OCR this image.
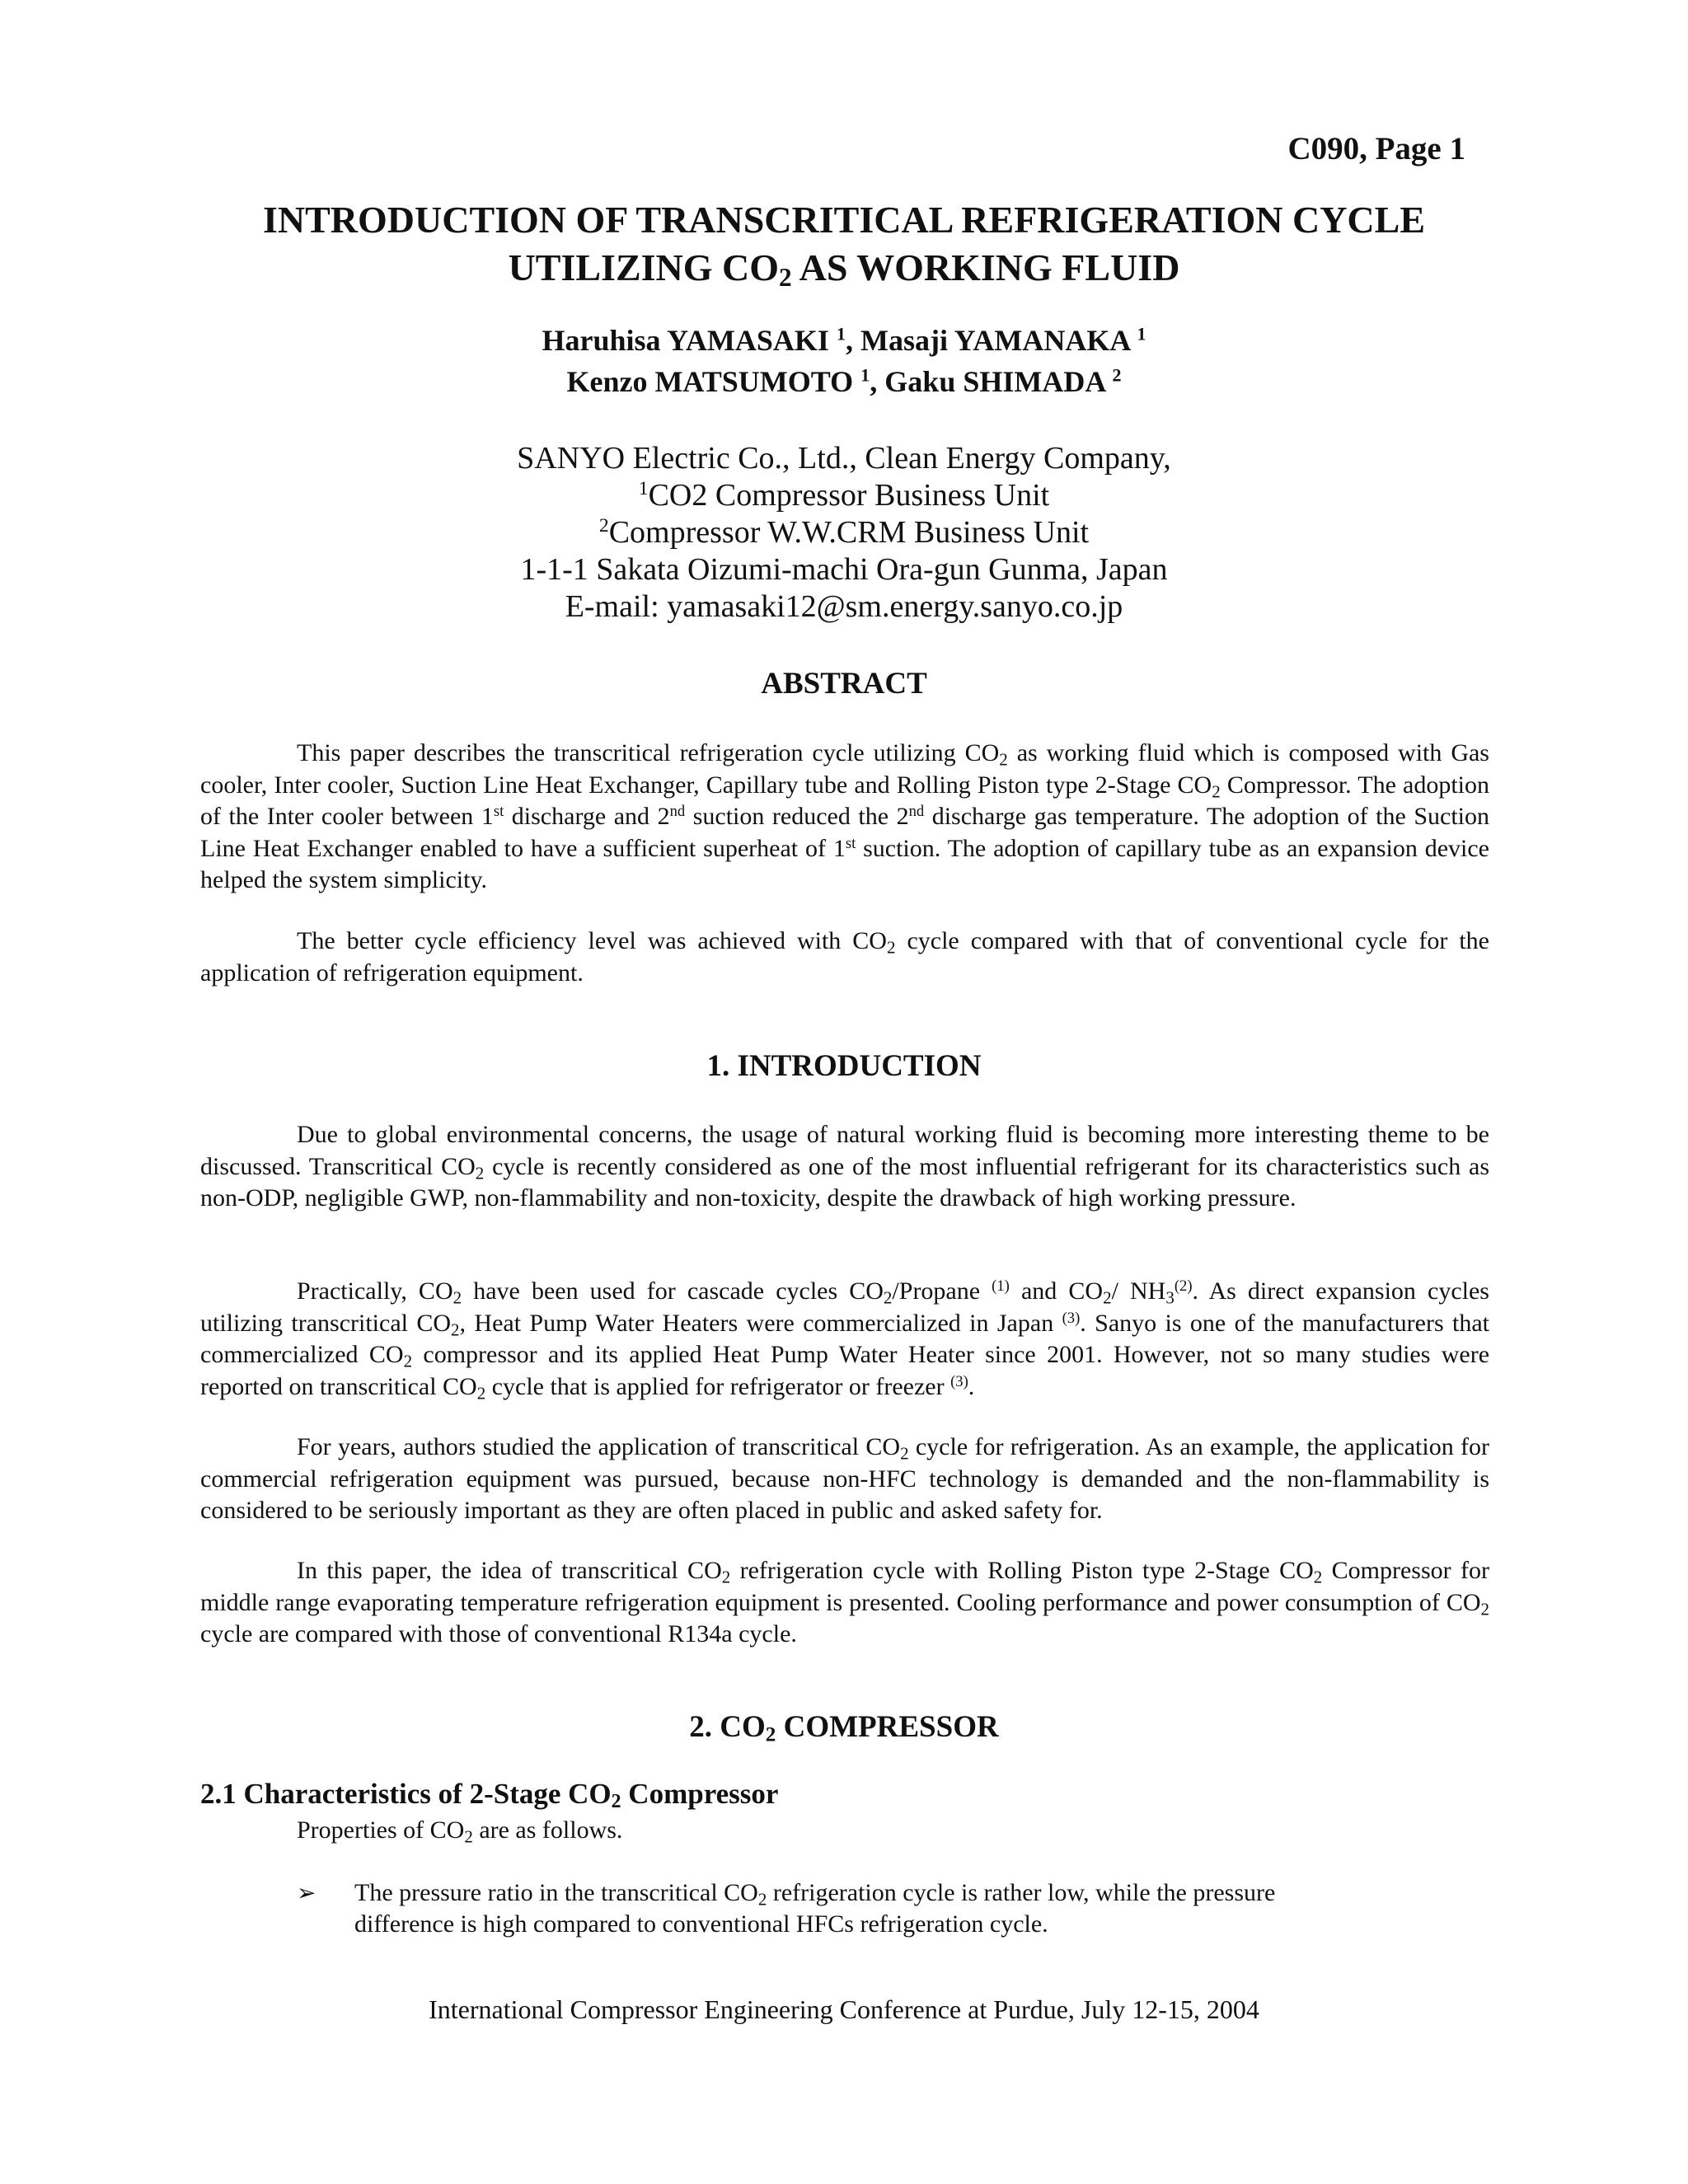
C090, Page 1
INTRODUCTION OF TRANSCRITICAL REFRIGERATION CYCLE
UTILIZING CO2 AS WORKING FLUID
Haruhisa YAMASAKI $^1$, Masaji YAMANAKA $^1$
Kenzo MATSUMOTO $^1$, Gaku SHIMADA $^2$
SANYO Electric Co., Ltd., Clean Energy Company,
$^1$CO2 Compressor Business Unit
$^2$Compressor W.W.CRM Business Unit
1-1-1 Sakata Oizumi-machi Ora-gun Gunma, Japan
E-mail: yamasaki12@sm.energy.sanyo.co.jp
ABSTRACT
This paper describes the transcritical refrigeration cycle utilizing $CO_2$ as working fluid which is composed with Gas cooler, Inter cooler, Suction Line Heat Exchanger, Capillary tube and Rolling Piston type 2-Stage $CO_2$ Compressor. The adoption of the Inter cooler between 1st discharge and 2nd suction reduced the 2nd discharge gas temperature. The adoption of the Suction Line Heat Exchanger enabled to have a sufficient superheat of 1st suction. The adoption of capillary tube as an expansion device helped the system simplicity.
The better cycle efficiency level was achieved with $CO_2$ cycle compared with that of conventional cycle for the application of refrigeration equipment.
1. INTRODUCTION
Due to global environmental concerns, the usage of natural working fluid is becoming more interesting theme to be discussed. Transcritical $CO_2$ cycle is recently considered as one of the most influential refrigerant for its characteristics such as non-ODP, negligible GWP, non-flammability and non-toxicity, despite the drawback of high working pressure.
Practically, $CO_2$ have been used for cascade cycles $CO_2$/Propane $^{(1)}$ and $CO_2/$ $NH_3^{(2)}$. As direct expansion cycles utilizing transcritical $CO_2$, Heat Pump Water Heaters were commercialized in Japan $^{(3)}$. Sanyo is one of the manufacturers that commercialized $CO_2$ compressor and its applied Heat Pump Water Heater since 2001. However, not so many studies were reported on transcritical $CO_2$ cycle that is applied for refrigerator or freezer $^{(3)}$.
For years, authors studied the application of transcritical $CO_2$ cycle for refrigeration. As an example, the application for commercial refrigeration equipment was pursued, because non-HFC technology is demanded and the non-flammability is considered to be seriously important as they are often placed in public and asked safety for.
In this paper, the idea of transcritical $CO_2$ refrigeration cycle with Rolling Piston type 2-Stage $CO_2$ Compressor for middle range evaporating temperature refrigeration equipment is presented. Cooling performance and power consumption of $CO_2$ cycle are compared with those of conventional R134a cycle.
2. CO2 COMPRESSOR
2.1 Characteristics of 2-Stage CO2 Compressor
Properties of $CO_2$ are as follows.
➢ The pressure ratio in the transcritical $CO_2$ refrigeration cycle is rather low, while the pressure difference is high compared to conventional HFCs refrigeration cycle.
International Compressor Engineering Conference at Purdue, July 12-15, 2004
